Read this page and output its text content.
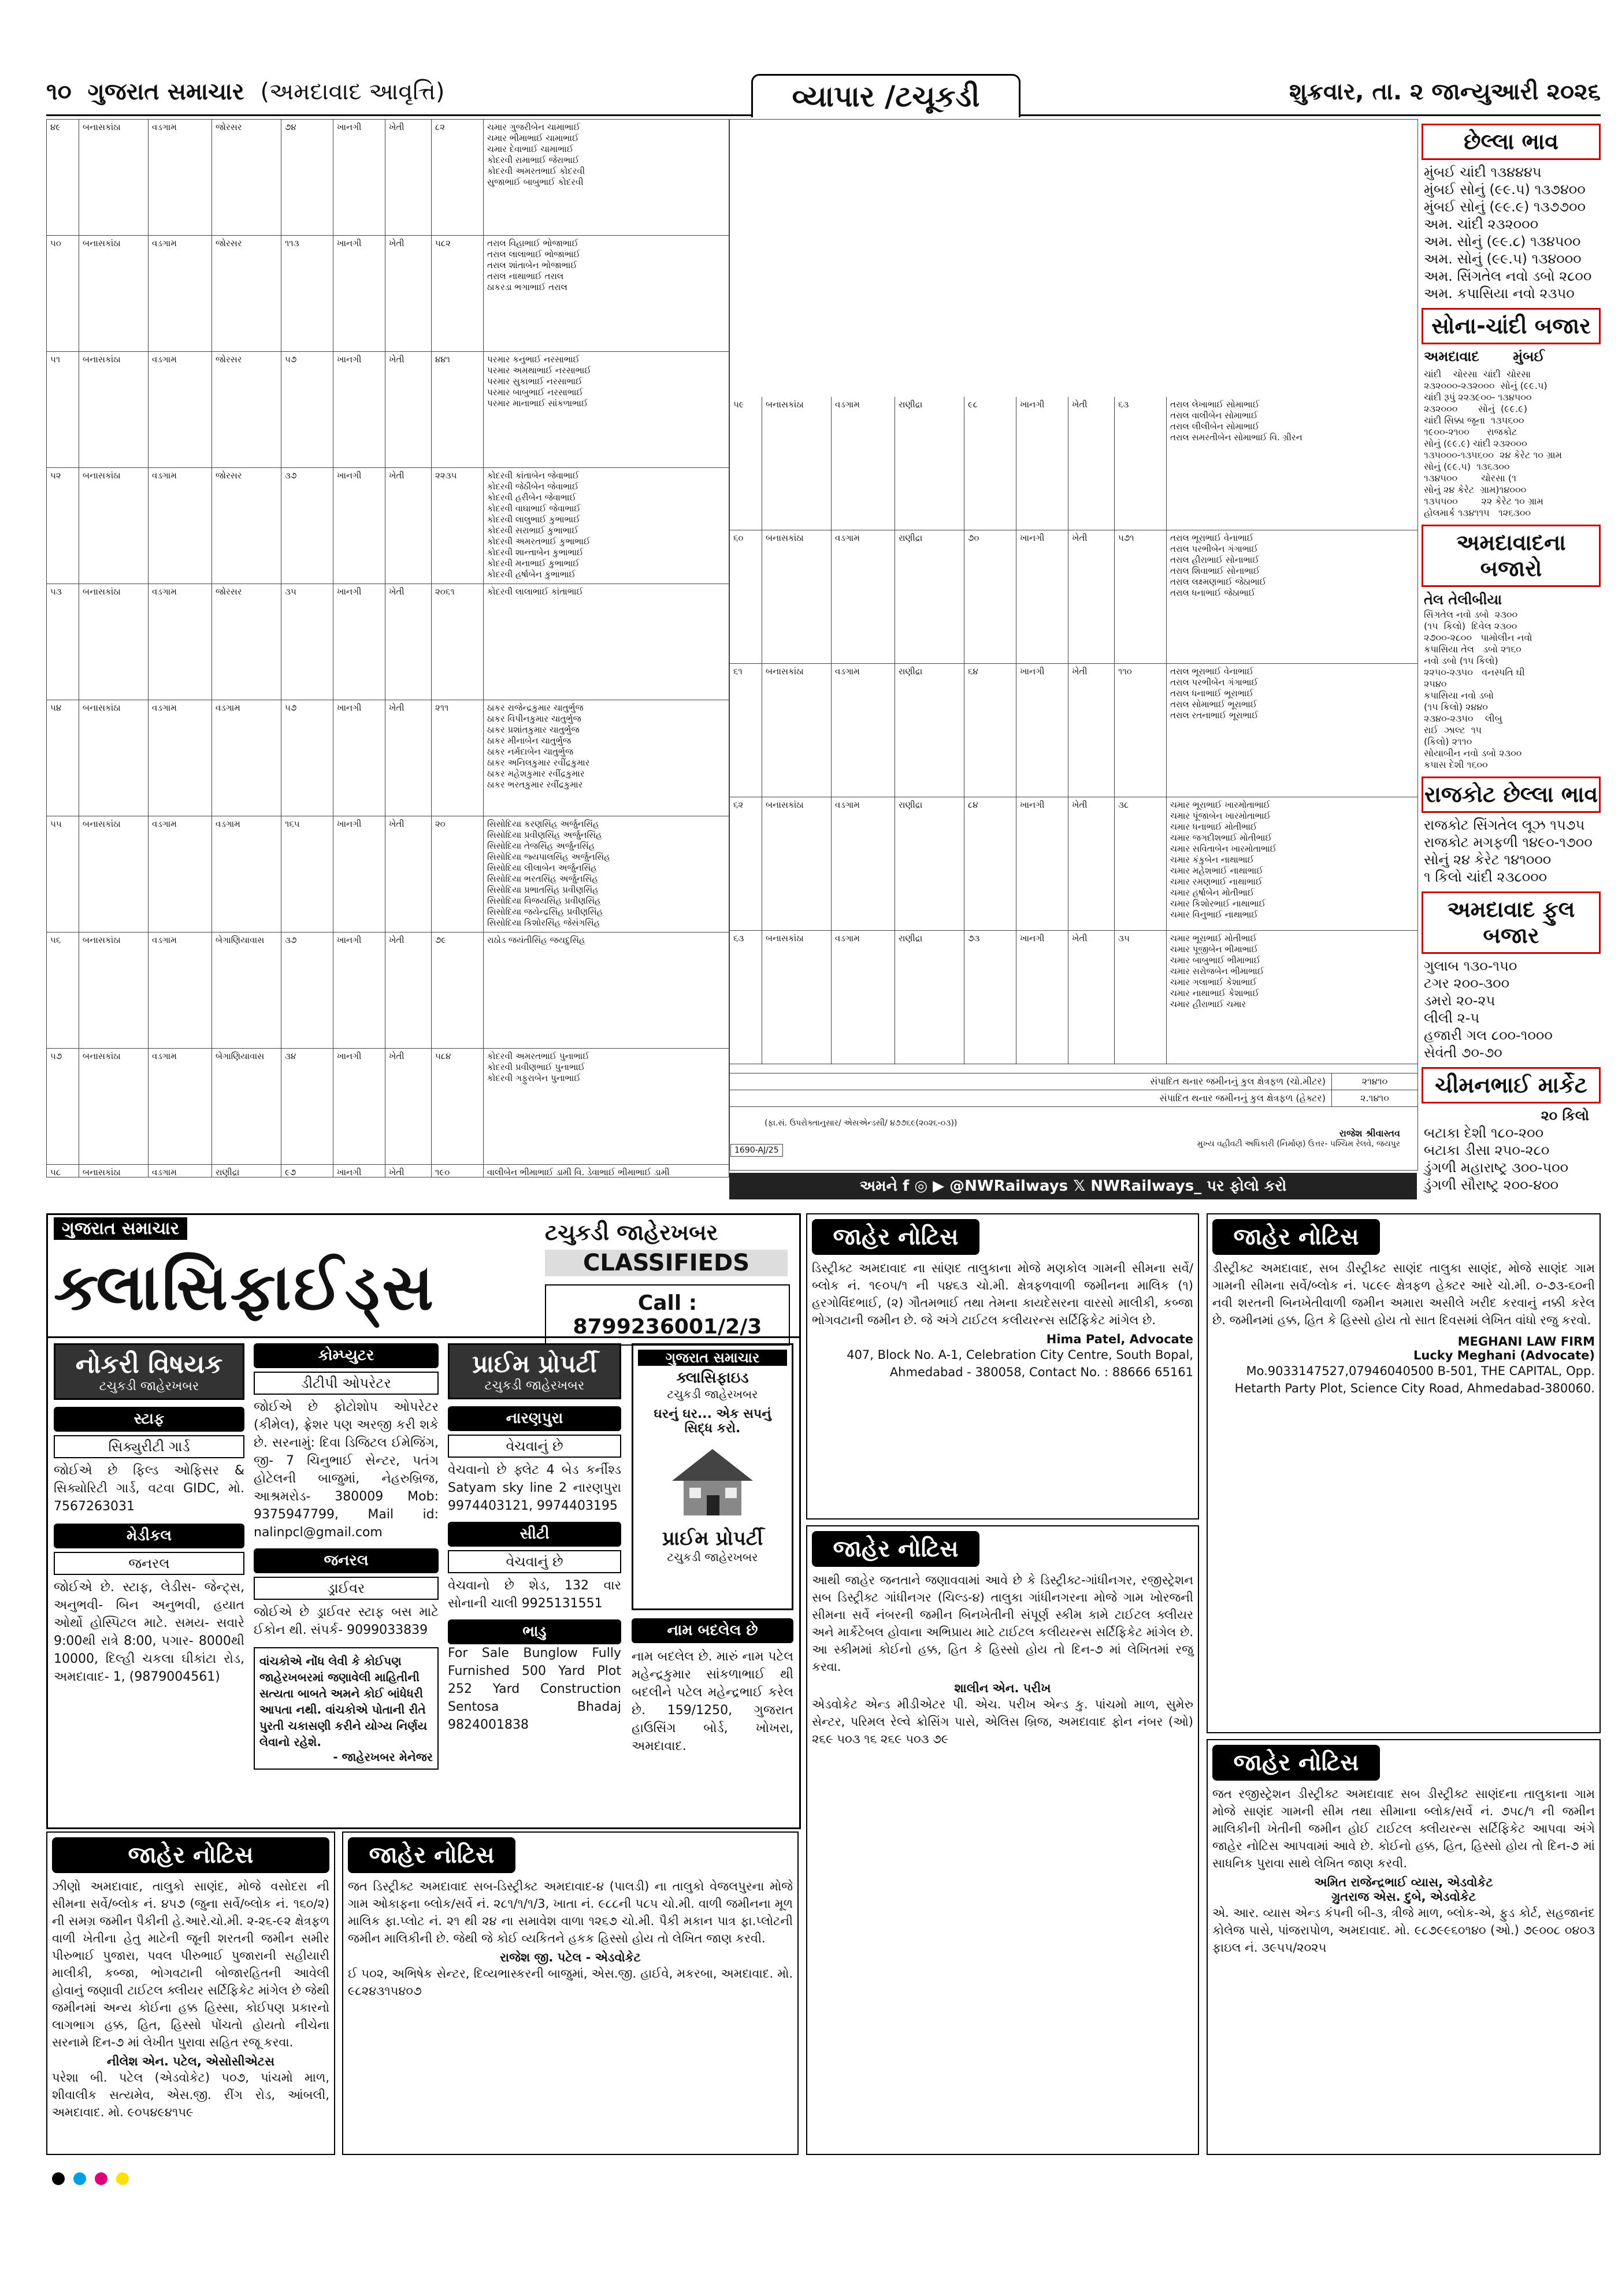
૧૦ ગુજરાત સમાચાર (અમદાવાદ આવૃત્તિ)	વ્યાપાર /ટચૂકડી	શુક્રવાર, તા. ૨ જાન્યુઆરી ૨૦૨૬
૪૯	બનાસકાંઠા	વડગામ	જોરસર	૭૪	ખાનગી	ખેતી	૮૨	ચમાર ગુજરીબેન ચામાભાઈ
ચમાર ભીમાભાઈ ચામાભાઈ
ચમાર દેવાભાઈ ચામાભાઈ
કોદરવી રામાભાઈ જેરાભાઈ
કોદરવી અમરતભાઈ કોદરવી
સુજાભાઈ બાબુભાઈ કોદરવી
૫૦	બનાસકાંઠા	વડગામ	જોરસર	૧૧૩	ખાનગી	ખેતી	૫૮૨	તરાલ વિહાભાઈ ભોજાભાઈ
તરાલ લાલાભાઈ ભોજાભાઈ
તરાલ શાંતાબેન ભોજાભાઈ
તરાલ નાથાભાઈ તરાલ
ઠાકરડા ભગાભાઈ તરાલ
૫૧	બનાસકાંઠા	વડગામ	જોરસર	૫૭	ખાનગી	ખેતી	૪૪૧	પરમાર કનુભાઈ નરસાભાઈ
પરમાર અમથાભાઈ નરસાભાઈ
પરમાર સુકાભાઈ નરસાભાઈ
પરમાર બાબુભાઈ નરસાભાઈ
પરમાર માનાભાઈ સાંકળાભાઈ
૫૨	બનાસકાંઠા	વડગામ	જોરસર	૩૭	ખાનગી	ખેતી	૨૨૩૫	કોદરવી કાંતાબેન જેવાભાઈ
કોદરવી જેઠીબેન જેવાભાઈ
કોદરવી હરીબેન જેવાભાઈ
કોદરવી વાઘાભાઈ જેવાભાઈ
કોદરવી લાલુભાઈ કુભાભાઈ
કોદરવી સરાભાઈ કુભાભાઈ
કોદરવી અમરતભાઈ કુભાભાઈ
કોદરવી શાન્તાબેન કુભાભાઈ
કોદરવી મનાભાઈ કુભાભાઈ
કોદરવી હર્ષાબેન કુભાભાઈ
૫૩	બનાસકાંઠા	વડગામ	જોરસર	૩૫	ખાનગી	ખેતી	૨૦૬૧	કોદરવી લાલાભાઈ કાંતાભાઈ
૫૪	બનાસકાંઠા	વડગામ	વડગામ	૫૭	ખાનગી	ખેતી	૨૧૧	ઠાકર રાજેન્દ્રકુમાર ચાતુર્ભુજ
ઠાકર વિપીનકુમાર ચાતુર્ભુજ
ઠાકર પ્રશાંતકુમાર ચાતુર્ભુજ
ઠાકર મીનાબેન ચાતુર્ભુજ
ઠાકર નર્મદાબેન ચાતુર્ભુજ
ઠાકર અનિલકુમાર રવીંદ્રકુમાર
ઠાકર મહેશકુમાર રવીંદ્રકુમાર
ઠાકર ભરતકુમાર રવીંદ્રકુમાર
૫૫	બનાસકાંઠા	વડગામ	વડગામ	૧૬૫	ખાનગી	ખેતી	૨૦	સિસોદિયા કરણસિંહ અર્જુનસિંહ
સિસોદિયા પ્રવીણસિંહ અર્જુનસિંહ
સિસોદિયા તેજસિંહ અર્જુનસિંહ
સિસોદિયા જ્યપાલસિંહ અર્જુનસિંહ
સિસોદિયા લીલાબેન અર્જુનસિંહ
સિસોદિયા ભરતસિંહ અર્જુનસિંહ
સિસોદિયા પ્રભાતસિંહ પ્રવીણસિંહ
સિસોદિયા વિજયસિંહ પ્રવીણસિંહ
સિસોદિયા જયેન્દ્રસિંહ પ્રવીણસિંહ
સિસોદિયા કિશોરસિંહ જેસંગસિંહ
૫૬	બનાસકાંઠા	વડગામ	બેગાણિયાવાસ	૩૭	ખાનગી	ખેતી	૭૯	રાઠોડ જયંતીસિંહ જયદુસિંહ
૫૭	બનાસકાંઠા	વડગામ	બેગાણિયાવાસ	૩૪	ખાનગી	ખેતી	૫૮૪	કોદરવી અમરતભાઈ પુનાભાઈ
કોદરવી પ્રવીણભાઈ પુનાભાઈ
કોદરવી ગફુરાબેન પુનાભાઈ
૫૮	બનાસકાંઠા	વડગામ	રાણીદ્રા	૯૭	ખાનગી	ખેતી	૧૯૦	વાલીબેન ભીમાભાઈ ડામી વિ. ડેવાભાઈ ભીમાભાઈ ડામી
૫૯	બનાસકાંઠા	વડગામ	રાણીદ્રા	૯૮	ખાનગી	ખેતી	૬૩	તરાલ લેખાભાઈ સોમાભાઈ
તરાલ વાલીબેન સોમાભાઈ
તરાલ લીલીબેન સોમાભાઈ
તરાલ સમરતીબેન સોમાભાઈ વિ. ગ્રીરન
૬૦	બનાસકાંઠા	વડગામ	રાણીદ્રા	૭૦	ખાનગી	ખેતી	૫૭૧	તરાલ ભૂરાભાઈ વેનાભાઈ
તરાલ પરભીબેન ગંગાભાઈ
તરાલ હીરાભાઈ સોનાભાઈ
તરાલ શિવાભાઈ સોનાભાઈ
તરાલ લક્ષ્મણભાઈ જેઠાભાઈ
તરાલ ધનાભાઈ જેઠાભાઈ
૬૧	બનાસકાંઠા	વડગામ	રાણીદ્રા	૬૪	ખાનગી	ખેતી	૧૧૦	તરાલ ભૂરાભાઈ વેનાભાઈ
તરાલ પરભીબેન ગંગાભાઈ
તરાલ ધનાભાઈ ભૂરાભાઈ
તરાલ સોમાભાઈ ભૂરાભાઈ
તરાલ રતનાભાઈ ભૂરાભાઈ
૬૨	બનાસકાંઠા	વડગામ	રાણીદ્રા	૮૪	ખાનગી	ખેતી	૩૮	ચમાર ભૂરાભાઈ ખારમોતાભાઈ
ચમાર પૂંજાબેન ખારમોતાભાઈ
ચમાર ધનાભાઈ મોતીભાઈ
ચમાર જગદીશભાઈ મોતીભાઈ
ચમાર સવિતાબેન ખારમોતાભાઈ
ચમાર કંકુબેન નાથાભાઈ
ચમાર મહેશભાઈ નાથાભાઈ
ચમાર રમણભાઈ નાથાભાઈ
ચમાર હર્ષાબેન મોતીભાઈ
ચમાર કિશોરભાઈ નાથાભાઈ
ચમાર વિનુભાઈ નાથાભાઈ
૬૩	બનાસકાંઠા	વડગામ	રાણીદ્રા	૭૩	ખાનગી	ખેતી	૩૫	ચમાર ભૂરાભાઈ મોતીભાઈ
ચમાર પૂજીબેન ભીમાભાઈ
ચમાર બાબુભાઈ ભીમાભાઈ
ચમાર સરોજબેન ભીમાભાઈ
ચમાર ગલાભાઈ કેશાભાઈ
ચમાર નાથાભાઈ કેશાભાઈ
ચમાર હીરાભાઈ ચમાર
સંપાદિત થનાર જમીનનું કુલ ક્ષેત્રફળ (ચો.મીટર)	૨૧૪૧૦
સંપાદિત થનાર જમીનનું કુલ ક્ષેત્રફળ (હેક્ટર)	૨.૧૪૧૦
(ફા.સં. ઉપરોક્તાનુસાર/ એસએન્ડસી/ ૪૭૭૬૯(૨૦૨૬-૦૩))
રાજેશ શ્રીવાસ્તવ
મુખ્ય વહીવટી અધિકારી (નિર્માણ) ઉત્તર- પશ્ચિમ રેલવે, જયપુર
1690-AJ/25
અમને f ◎ ▶ @NWRailways 𝕏 NWRailways_ પર ફોલો કરો
છેલ્લા ભાવ
મુંબઈ ચાંદી ૧૩૪૪૪૫
મુંબઈ સોનું (૯૯.૫) ૧૩૭૪૦૦
મુંબઈ સોનું (૯૯.૯) ૧૩૭૭૦૦
અમ. ચાંદી ૨૩૨૦૦૦
અમ. સોનું (૯૯.૮) ૧૩૪૫૦૦
અમ. સોનું (૯૯.૫) ૧૩૪૦૦૦
અમ. સિંગતેલ નવો ડબો ૨૮૦૦
અમ. કપાસિયા નવો ૨૩૫૦
સોના-ચાંદી બજાર
અમદાવાદ       મુંબઈ
ચાંદી    ચોરસા  ચાંદી  ચોરસા
૨૩૨૦૦૦-૨૩૨૦૦૦  સોનું (૯૯.૫)
ચાંદી રૂપું ૨૨૩૯૦૦- ૧૩૪૫૦૦
૨૩૨૦૦૦       સોનું  (૯૯.૯)
ચાંદી સિક્કા જૂના  ૧૩૫૬૦૦
૧૯૦૦-૨૧૦૦      રાજકોટ
સોનું (૯૯.૯) ચાંદી ૨૩૨૦૦૦
૧૩૫૦૦૦-૧૩૫૬૦૦  ૨૪ કેરેટ ૧૦ ગ્રામ
સોનું (૯૯.૫)  ૧૩૬૩૦૦
૧૩૪૫૦૦        ચોરસા (૧
સોનું ૨૪ કેરેટ  ગ્રામ)૧૪૦૦૦
૧૩૫૫૦૦        ૨૨ કેરેટ ૧૦ ગ્રામ
હોલમાર્ક ૧૩૪૧૧૫   ૧૨૬૩૦૦
અમદાવાદના બજારો
તેલ તેલીબીયા
સિંગતેલ નવો ડબો  ૨૩૦૦
(૧૫  કિલો)  દિવેલ ૨૩૦૦
૨૭૦૦-૨૮૦૦   પામોલીન નવો
કપાસિયા તેલ   ડબો ૨૧૬૦
નવો ડબો (૧૫ કિલો)
૨૨૫૦-૨૩૫૦   વનસ્પતિ ઘી
૨૫૪૦
કપાસિયા નવો ડબો
(૧૫ કિલો) ૨૪૪૦
૨૩૪૦-૨૩૫૦    લીબુ
રાઈ  ઝાલ્ટ  ૧૫
(કિલો) ૨૧૧૦
સોયાબીન નવો ડબો ૨૩૦૦
કપાસ દેશી ૧૬૦૦
રાજકોટ છેલ્લા ભાવ
રાજકોટ સિંગતેલ લૂઝ ૧૫૭૫
રાજકોટ મગફળી ૧૪૯૦-૧૭૦૦
સોનું ૨૪ કેરેટ ૧૪૧૦૦૦
૧ કિલો ચાંદી ૨૩૮૦૦૦
અમદાવાદ ફુલ બજાર
ગુલાબ ૧૩૦-૧૫૦
ટગર ૨૦૦-૩૦૦
ડમરો ૨૦-૨૫
લીલી ૨-૫
હજારી ગલ ૮૦૦-૧૦૦૦
સેવંતી ૭૦-૭૦
ચીમનભાઈ માર્કેટ
૨૦ કિલો
બટાકા દેશી ૧૮૦-૨૦૦
બટાકા ડીસા ૨૫૦-૨૮૦
ડુંગળી મહારાષ્ટ્ર ૩૦૦-૫૦૦
ડુંગળી સૌરાષ્ટ્ર ૨૦૦-૪૦૦
ગુજરાત સમાચાર
ક્લાસિફાઈડ્સ
ટચુકડી જાહેરખબર
CLASSIFIEDS
Call : 8799236001/2/3
નોકરી વિષયક
ટચુકડી જાહેરખબર
સ્ટાફ
સિક્યુરીટી ગાર્ડ
જોઈએ છે ફિલ્ડ ઓફિસર & સિક્યોરિટી ગાર્ડ, વટવા GIDC, મો. 7567263031
મેડીકલ
જનરલ
જોઈએ છે. સ્ટાફ, લેડીસ- જેન્ટ્સ, અનુભવી- બિન અનુભવી, હયાત ઓર્થો હોસ્પિટલ માટે. સમય- સવારે 9:00થી રાત્રે 8:00, પગાર- 8000થી 10000, દિલ્હી ચકલા ઘીકાંટા રોડ, અમદાવાદ- 1, (9879004561)
કોમ્પ્યુટર
ડીટીપી ઓપરેટર
જોઈએ છે ફોટોશોપ ઓપરેટર (કીમેલ), ફ્રેશર પણ અરજી કરી શકે છે. સરનામું: દિવા ડિજિટલ ઈમેજિંગ, જી- 7 ચિનુભાઈ સેન્ટર, પતંગ હોટેલની બાજુમાં, નેહરુબ્રિજ, આશ્રમરોડ- 380009 Mob: 9375947799, Mail id: nalinpcl@gmail.com
જનરલ
ડ્રાઈવર
જોઈએ છે ડ્રાઈવર સ્ટાફ બસ માટે ઈકોન થી. સંપર્ક- 9099033839
વાંચકોએ નોંધ લેવી કે કોઈપણ જાહેરખબરમાં જણાવેલી માહિતીની સત્યતા બાબતે અમને કોઈ બાંધેધરી આપતા નથી. વાંચકોએ પોતાની રીતે પુરતી ચકાસણી કરીને યોગ્ય નિર્ણય લેવાનો રહેશે.
- જાહેરખબર મેનેજર
પ્રાઈમ પ્રોપર્ટી
ટચુકડી જાહેરખબર
નારણપુરા
વેચવાનું છે
વેચવાનો છે ફ્લેટ 4 બેડ કર્નીશ્ડ Satyam sky line 2 નારણપુરા 9974403121, 9974403195
સીટી
વેચવાનું છે
વેચવાનો છે શેડ, 132 વાર સોનાની ચાલી 9925131551
ભાડુ
For Sale Bunglow Fully Furnished 500 Yard Plot 252 Yard Construction Sentosa Bhadaj 9824001838
ગુજરાત સમાચાર
ક્લાસિફાઇડ
ટચુકડી જાહેરખબર
ઘરનું ઘર... એક સપનું સિદ્ધ કરો.
પ્રાઈમ પ્રોપર્ટી
ટચુકડી જાહેરખબર
નામ બદલેલ છે
નામ બદલેલ છે. મારું નામ પટેલ મહેન્દ્રકુમાર સાંકળાભાઈ થી બદલીને પટેલ મહેન્દ્રભાઈ કરેલ છે. 159/1250, ગુજરાત હાઉસિંગ બોર્ડ, ખોખરા, અમદાવાદ.
જાહેર નોટિસ
ઝીણો અમદાવાદ, તાલુકો સાણંદ, મોજે વસોદરા ની સીમના સર્વે/બ્લોક નં. ૪૫૭ (જુના સર્વે/બ્લોક નં. ૧૬૦/૨) ની સમગ્ર જમીન પૈકીની હે.આરે.ચો.મી. ૨-૨૬-૯૨ ક્ષેત્રફળ વાળી ખેતીના હેતુ માટેની જૂની શરતની જમીન સમીર પીરુભાઈ પુજારા, પવલ પીરુભાઈ પુજારાની સહીયારી માલીકી, કબ્જા, ભોગવટાની બોજારહિતની આવેલી હોવાનું જણાવી ટાઈટલ ક્લીયર સર્ટિફિકેટ માંગેલ છે જેથી જમીનમાં અન્ય કોઈના હક્ક હિસ્સા, કોઈપણ પ્રકારનો લાગભાગ હક્ક, હિત, હિસ્સો પોંચતો હોયતો નીચેના સરનામે દિન-૭ માં લેખીત પુરાવા સહિત રજૂ કરવા.
નીલેશ એન. પટેલ, એસોસીએટસ
પરેશા બી. પટેલ (એડવોકેટ) ૫૦૭, પાંચમો માળ, શીવાલીક સત્યમેવ, એસ.જી. રીંગ રોડ, આંબલી, અમદાવાદ. મો. ૯૦૫૪૯૪૧૫૯
જાહેર નોટિસ
જત ડિસ્ટ્રીક્ટ અમદાવાદ સબ-ડિસ્ટ્રીક્ટ અમદાવાદ-૪ (પાલડી) ના તાલુકો વેજલપુરના મોજે ગામ ઓકાફના બ્લોક/સર્વે નં. ૨૮૧/૧/૧/3, ખાતા નં. ૯૮૮ની પ૮૫ ચો.મી. વાળી જમીનના મૂળ માલિક ફા.પ્લોટ નં. ૨૧ થી ૨૪ ના સમાવેશ વાળા ૧૨૬૭ ચો.મી. પૈકી મકાન પાત્ર ફા.પ્લોટની જમીન માલિકીની છે. જેથી જે કોઈ વ્યકિતને હકક હિસ્સો હોય તો લેખિત જાણ કરવી.
રાજેશ જી. પટેલ - એડવોકેટ
ઈ ૫૦૨, અભિષેક સેન્ટર, દિવ્યભાસ્કરની બાજુમાં, એસ.જી. હાઈવે, મકરબા, અમદાવાદ. મો. ૯૮૨૪૩૧૫૪૦૭
જાહેર નોટિસ
ડિસ્ટ્રીક્ટ અમદાવાદ ના સાંણદ તાલુકાના મોજે મણકોલ ગામની સીમના સર્વે/બ્લોક નં. ૧૯૦૫/૧ ની ૫૪૬૩ ચો.મી. ક્ષેત્રફળવાળી જમીનના માલિક (૧) હરગોવિંદભાઈ, (૨) ગૌતમભાઈ તથા તેમના કાયદેસરના વારસો માલીકી, કબ્જા ભોગવટાની જમીન છે. જે અંગે ટાઈટલ કલીયરન્સ સર્ટિફિકેટ માંગેલ છે.
Hima Patel, Advocate
407, Block No. A-1, Celebration City Centre, South Bopal, Ahmedabad - 380058, Contact No. : 88666 65161
જાહેર નોટિસ
આથી જાહેર જનતાને જણાવવામાં આવે છે કે ડિસ્ટ્રીક્ટ-ગાંધીનગર, રજીસ્ટ્રેશન સબ ડિસ્ટ્રીક્ટ ગાંધીનગર (ચિલ્ડ-૪) તાલુકા ગાંધીનગરના મોજે ગામ ખોરજની સીમના સર્વે નંબરની જમીન બિનખેતીની સંપૂર્ણ સ્કીમ કામે ટાઈટલ ક્લીયર અને માર્કેટેબલ હોવાના અભિપ્રાય માટે ટાઈટલ કલીયરન્સ સર્ટિફિકેટ માંગેલ છે. આ સ્કીમમાં કોઈનો હક્ક, હિત કે હિસ્સો હોય તો દિન-૭ માં લેખિતમાં રજુ કરવા.
શાલીન એન. પરીખ
એડવોકેટ એન્ડ મીડીએટર પી. એચ. પરીખ એન્ડ કુ. પાંચમો માળ, સુમેરુ સેન્ટર, પરિમલ રેલ્વે ક્રોસિંગ પાસે, એલિસ બ્રિજ, અમદાવાદ ફોન નંબર (ઓ) ૨૬૯ ૫૦૩ ૧૬ ૨૬૯ ૫૦૩ ૭૯
જાહેર નોટિસ
ડીસ્ટ્રીક્ટ અમદાવાદ, સબ ડીસ્ટ્રીક્ટ સાણંદ તાલુકા સાણંદ, મોજે સાણંદ ગામ ગામની સીમના સર્વે/બ્લોક નં. ૫૮૯૯ ક્ષેત્રફળ હેક્ટર આરે ચો.મી. ૦-૭૩-૬૦ની નવી શરતની બિનખેતીવાળી જમીન અમારા અસીલે ખરીદ કરવાનું નક્કી કરેલ છે. જમીનમાં હક્ક, હિત કે હિસ્સો હોય તો સાત દિવસમાં લેખિત વાંધો રજુ કરવો.
MEGHANI LAW FIRM
Lucky Meghani (Advocate)
Mo.9033147527,07946040500 B-501, THE CAPITAL, Opp. Hetarth Party Plot, Science City Road, Ahmedabad-380060.
જાહેર નોટિસ
જત રજીસ્ટ્રેશન ડીસ્ટ્રીક્ટ અમદાવાદ સબ ડીસ્ટ્રીક્ટ સાણંદના તાલુકાના ગામ મોજે સાણંદ ગામની સીમ તથા સીમાના બ્લોક/સર્વે નં. ૭૫૮/૧ ની જમીન માલિકીની ખેતીની જમીન હોઈ ટાઈટલ ક્લીયરન્સ સર્ટિફિકેટ આપવા અંગે જાહેર નોટિસ આપવામાં આવે છે. કોઈનો હક્ક, હિત, હિસ્સો હોય તો દિન-૭ માં સાધનિક પુરાવા સાથે લેખિત જાણ કરવી.
અમિત રાજેન્દ્રભાઈ વ્યાસ, એડવોકેટ
ગ્રુતરાજ એસ. દુબે, એડવોકેટ
એ. આર. વ્યાસ એન્ડ કંપની બી-૩, ત્રીજે માળ, બ્લોક-એ, ફુડ કોર્ટ, સહજાનંદ કોલેજ પાસે, પાંજરાપોળ, અમદાવાદ. મો. ૯૮૭૯૯૬૦૧૪૦ (ઓ.) ૭૯૦૦૮ ૦૪૦૩ ફાઇલ નં. ૩૯૫૫/૨૦૨૫
